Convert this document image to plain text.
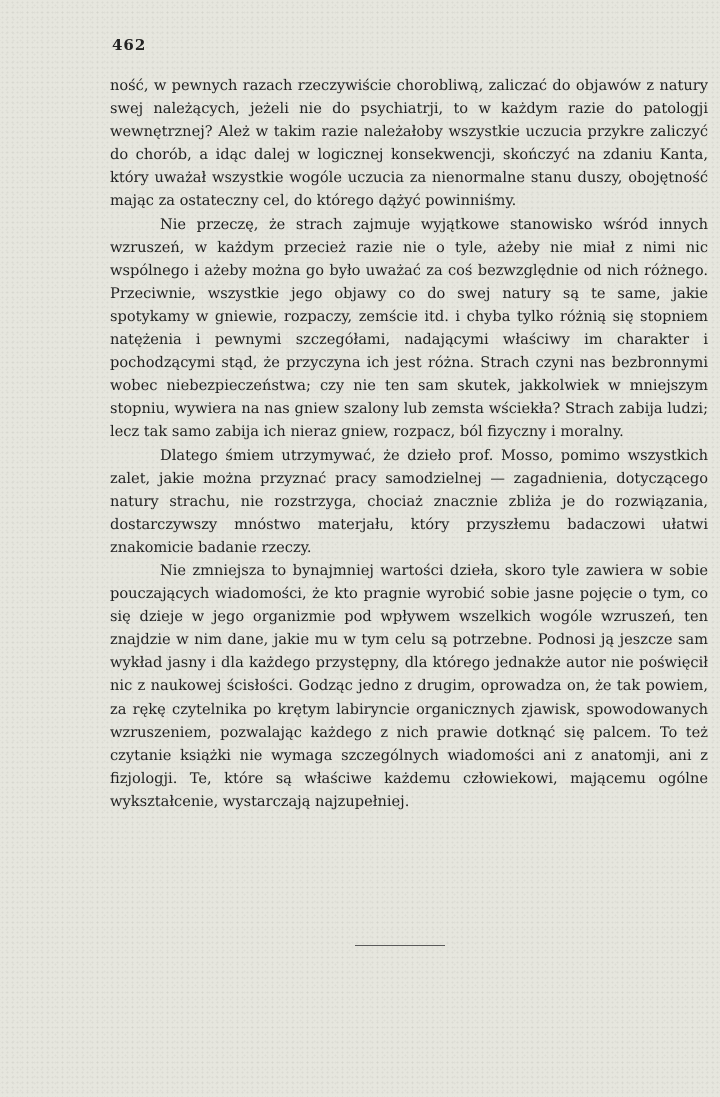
462

ność, w pewnych razach rzeczywiście chorobliwą, zaliczać do objawów z natury swej należących, jeżeli nie do psychiatrji, to w każdym razie do patologji wewnętrznej? Ależ w takim razie należałoby wszystkie uczucia przykre zaliczyć do chorób, a idąc dalej w logicznej konsekwencji, skończyć na zdaniu Kanta, który uważał wszystkie wogóle uczucia za nienormalne stanu duszy, obojętność mając za ostateczny cel, do którego dążyć powinniśmy.

Nie przeczę, że strach zajmuje wyjątkowe stanowisko wśród innych wzruszeń, w każdym przecież razie nie o tyle, ażeby nie miał z nimi nic wspólnego i ażeby można go było uważać za coś bezwzględnie od nich różnego. Przeciwnie, wszystkie jego objawy co do swej natury są te same, jakie spotykamy w gniewie, rozpaczy, zemście itd. i chyba tylko różnią się stopniem natężenia i pewnymi szczegółami, nadającymi właściwy im charakter i pochodzącymi stąd, że przyczyna ich jest różna. Strach czyni nas bezbronnymi wobec niebezpieczeństwa; czy nie ten sam skutek, jakkolwiek w mniejszym stopniu, wywiera na nas gniew szalony lub zemsta wściekła? Strach zabija ludzi; lecz tak samo zabija ich nieraz gniew, rozpacz, ból fizyczny i moralny.

Dlatego śmiem utrzymywać, że dzieło prof. Mosso, pomimo wszystkich zalet, jakie można przyznać pracy samodzielnej — zagadnienia, dotyczącego natury strachu, nie rozstrzyga, chociaż znacznie zbliża je do rozwiązania, dostarczywszy mnóstwo materjału, który przyszłemu badaczowi ułatwi znakomicie badanie rzeczy.

Nie zmniejsza to bynajmniej wartości dzieła, skoro tyle zawiera w sobie pouczających wiadomości, że kto pragnie wyrobić sobie jasne pojęcie o tym, co się dzieje w jego organizmie pod wpływem wszelkich wogóle wzruszeń, ten znajdzie w nim dane, jakie mu w tym celu są potrzebne. Podnosi ją jeszcze sam wykład jasny i dla każdego przystępny, dla którego jednakże autor nie poświęcił nic z naukowej ścisłości. Godząc jedno z drugim, oprowadza on, że tak powiem, za rękę czytelnika po krętym labiryncie organicznych zjawisk, spowodowanych wzruszeniem, pozwalając każdego z nich prawie dotknąć się palcem. To też czytanie książki nie wymaga szczególnych wiadomości ani z anatomji, ani z fizjologji. Te, które są właściwe każdemu człowiekowi, mającemu ogólne wykształcenie, wystarczają najzupełniej.
